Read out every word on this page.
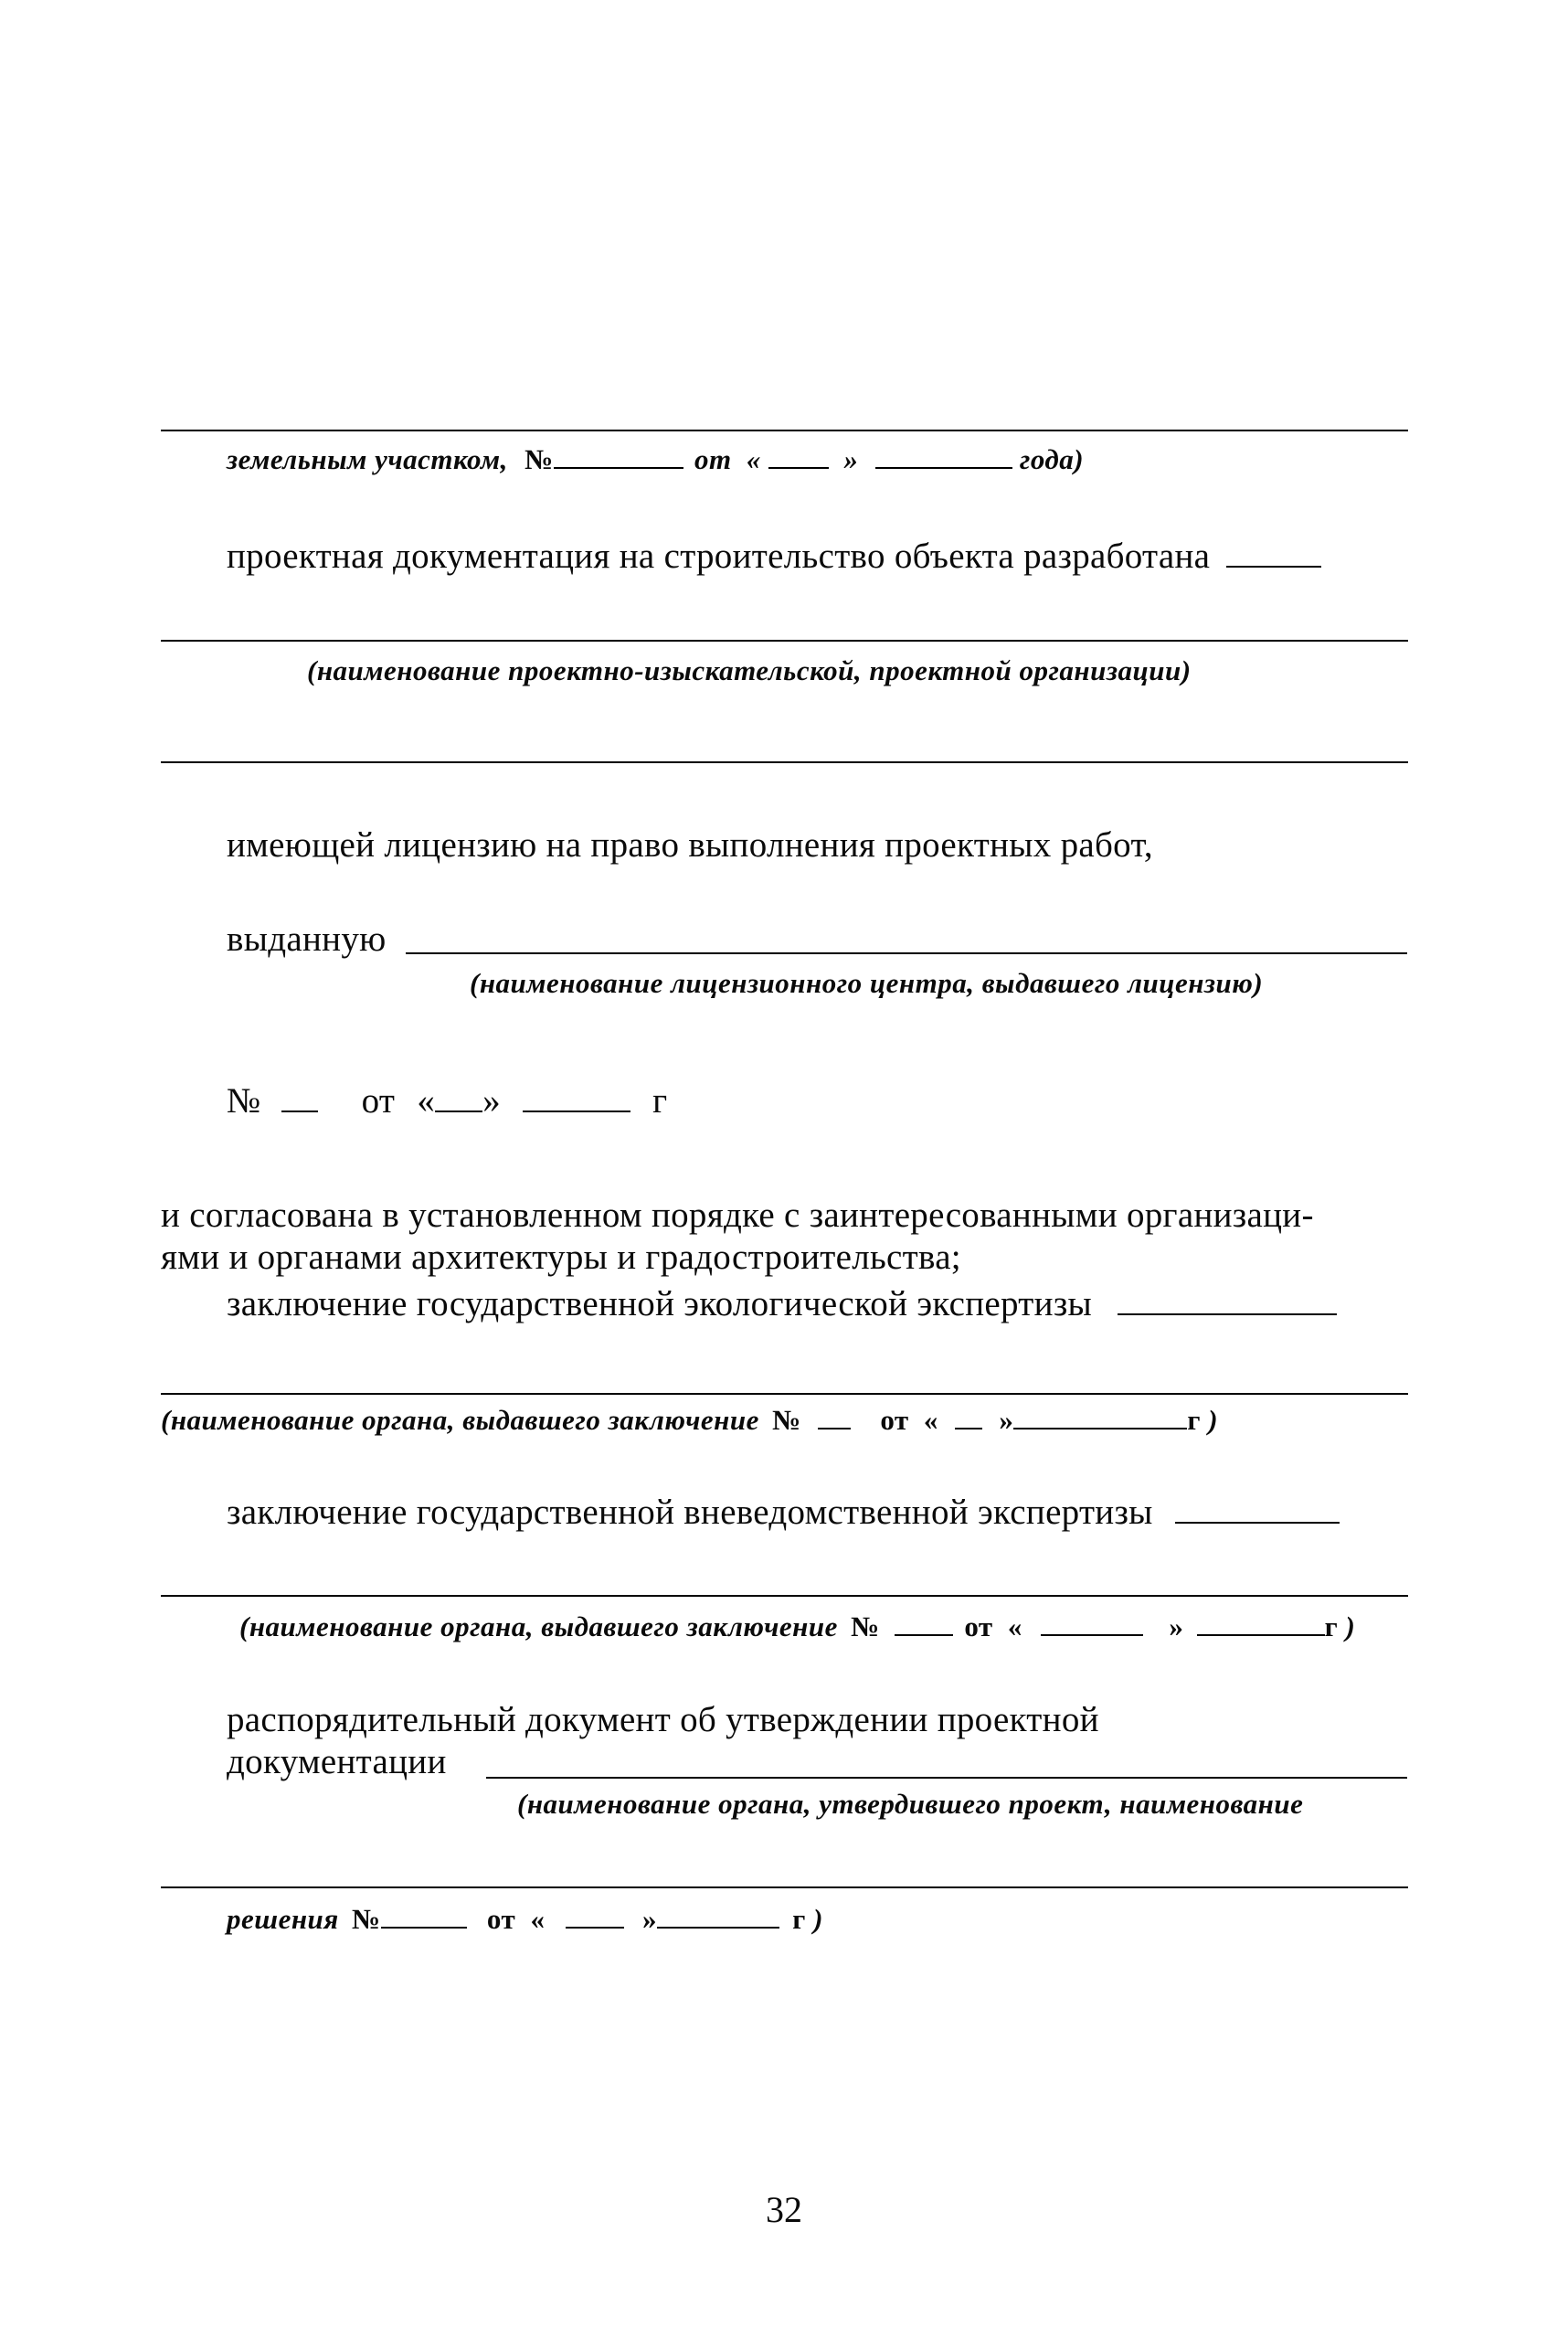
земельным участком, №	от «	»	года)
проектная документация на строительство объекта разработана
(наименование проектно-изыскательской, проектной организации)
имеющей лицензию на право выполнения проектных работ,
выданную
(наименование лицензионного центра, выдавшего лицензию)
№	от « »	г
и согласована в установленном порядке с заинтересованными организаци-
ями и органами архитектуры и градостроительства;
заключение государственной экологической экспертизы
(наименование органа, выдавшего заключение №	от « »	г )
заключение государственной вневедомственной экспертизы
(наименование органа, выдавшего заключение №	от «	»	г )
распорядительный документ об утверждении проектной
документации
(наименование органа, утвердившего проект, наименование
решения №	от «	»	г )
32
